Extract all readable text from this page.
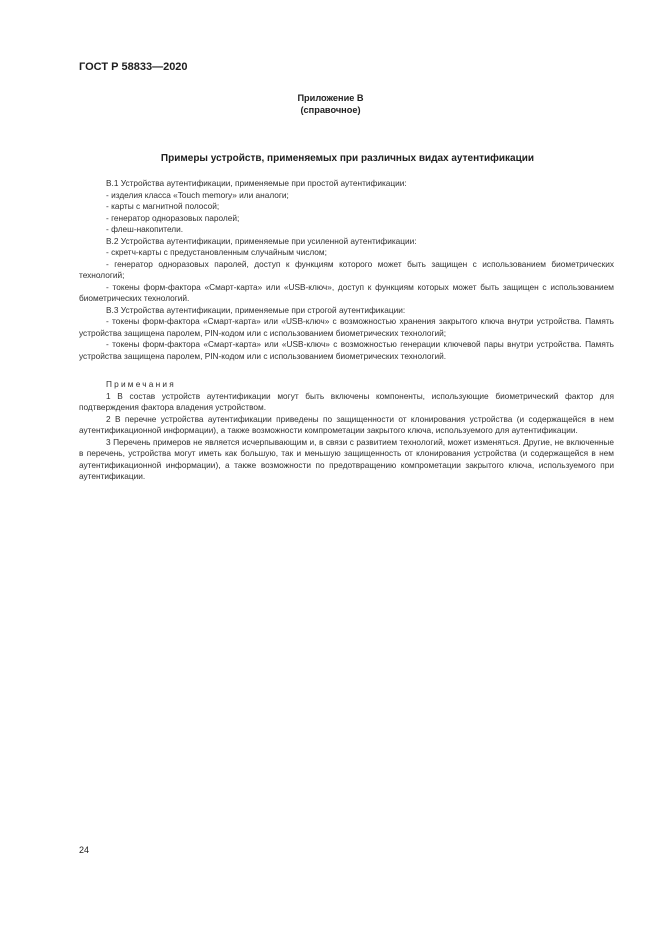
ГОСТ Р 58833—2020
Приложение В
(справочное)
Примеры устройств, применяемых при различных видах аутентификации

В.1 Устройства аутентификации, применяемые при простой аутентификации:

- изделия класса «Touch memory» или аналоги;

- карты с магнитной полосой;

- генератор одноразовых паролей;

- флеш-накопители.

В.2 Устройства аутентификации, применяемые при усиленной аутентификации:

- скретч-карты с предустановленным случайным числом;

- генератор одноразовых паролей, доступ к функциям которого может быть защищен с использованием биометрических технологий;

- токены форм-фактора «Смарт-карта» или «USB-ключ», доступ к функциям которых может быть защищен с использованием биометрических технологий.

В.3 Устройства аутентификации, применяемые при строгой аутентификации:

- токены форм-фактора «Смарт-карта» или «USB-ключ» с возможностью хранения закрытого ключа внутри устройства. Память устройства защищена паролем, PIN-кодом или с использованием биометрических технологий;

- токены форм-фактора «Смарт-карта» или «USB-ключ» с возможностью генерации ключевой пары внутри устройства. Память устройства защищена паролем, PIN-кодом или с использованием биометрических технологий.

Примечания

1 В состав устройств аутентификации могут быть включены компоненты, использующие биометрический фактор для подтверждения фактора владения устройством.

2 В перечне устройства аутентификации приведены по защищенности от клонирования устройства (и содержащейся в нем аутентификационной информации), а также возможности компрометации закрытого ключа, используемого для аутентификации.

3 Перечень примеров не является исчерпывающим и, в связи с развитием технологий, может изменяться. Другие, не включенные в перечень, устройства могут иметь как большую, так и меньшую защищенность от клонирования устройства (и содержащейся в нем аутентификационной информации), а также возможности по предотвращению компрометации закрытого ключа, используемого при аутентификации.

24
